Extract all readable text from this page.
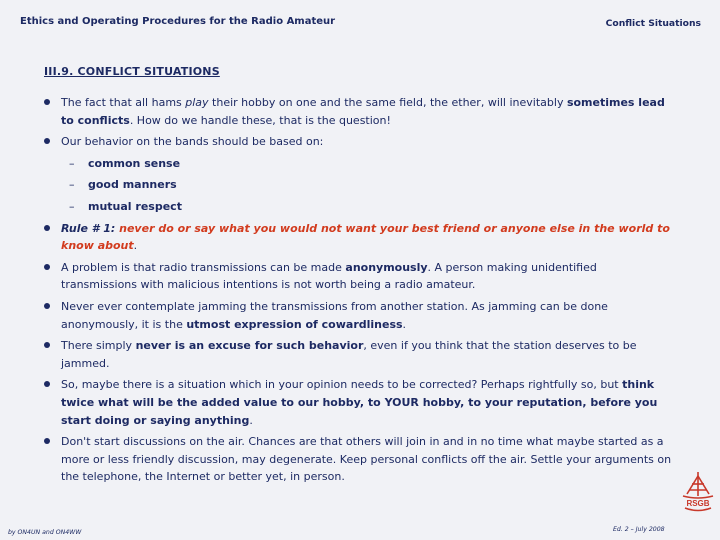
Ethics and Operating Procedures for the Radio Amateur	Conflict Situations
III.9. CONFLICT SITUATIONS
The fact that all hams play their hobby on one and the same field, the ether, will inevitably sometimes lead to conflicts. How do we handle these, that is the question!
Our behavior on the bands should be based on:
– common sense
– good manners
– mutual respect
Rule # 1: never do or say what you would not want your best friend or anyone else in the world to know about.
A problem is that radio transmissions can be made anonymously. A person making unidentified transmissions with malicious intentions is not worth being a radio amateur.
Never ever contemplate jamming the transmissions from another station. As jamming can be done anonymously, it is the utmost expression of cowardliness.
There simply never is an excuse for such behavior, even if you think that the station deserves to be jammed.
So, maybe there is a situation which in your opinion needs to be corrected? Perhaps rightfully so, but think twice what will be the added value to our hobby, to YOUR hobby, to your reputation, before you start doing or saying anything.
Don't start discussions on the air. Chances are that others will join in and in no time what maybe started as a more or less friendly discussion, may degenerate. Keep personal conflicts off the air. Settle your arguments on the telephone, the Internet or better yet, in person.
RSGB
by ON4UN and ON4WW	Ed. 2 – July 2008
